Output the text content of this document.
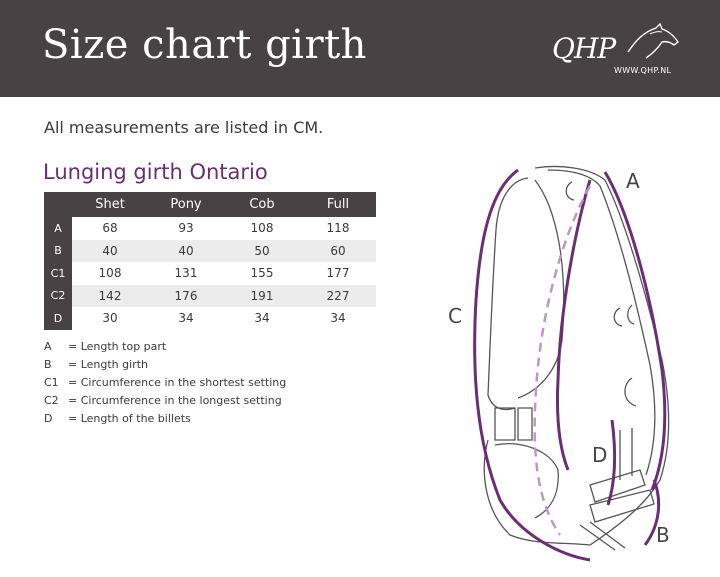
Size chart girth	QHP
WWW.QHP.NL
All measurements are listed in CM.
Lunging girth Ontario
	Shet	Pony	Cob	Full
A	68	93	108	118
B	40	40	50	60
C1	108	131	155	177
C2	142	176	191	227
D	30	34	34	34
A = Length top part
B = Length girth
C1 = Circumference in the shortest setting
C2 = Circumference in the longest setting
D = Length of the billets
A
C
D
B
